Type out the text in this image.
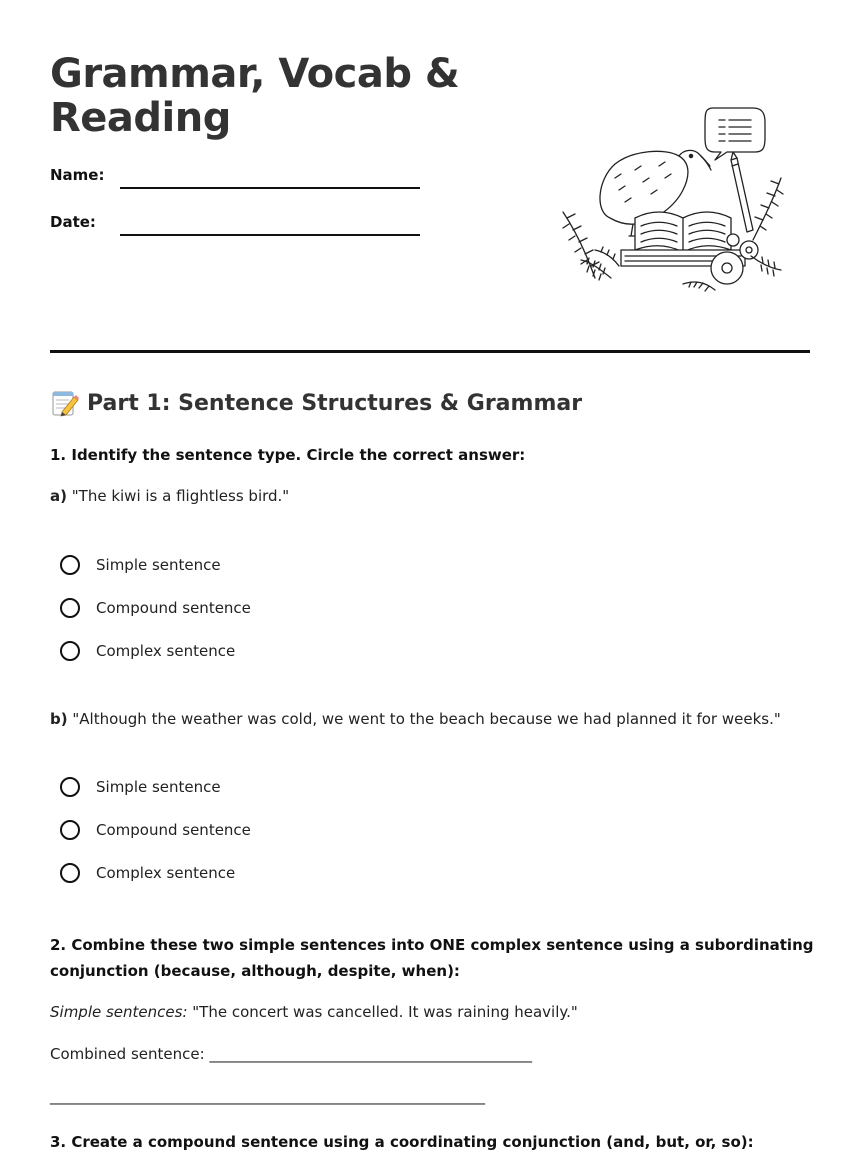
Grammar, Vocab &
Reading
Name:
Date:
Part 1: Sentence Structures & Grammar
1. Identify the sentence type. Circle the correct answer:
a) "The kiwi is a flightless bird."
Simple sentence
Compound sentence
Complex sentence
b) "Although the weather was cold, we went to the beach because we had planned it for weeks."
Simple sentence
Compound sentence
Complex sentence
2. Combine these two simple sentences into ONE complex sentence using a subordinating
conjunction (because, although, despite, when):
Simple sentences: "The concert was cancelled. It was raining heavily."
Combined sentence: ___________________________________________
__________________________________________________________
3. Create a compound sentence using a coordinating conjunction (and, but, or, so):
